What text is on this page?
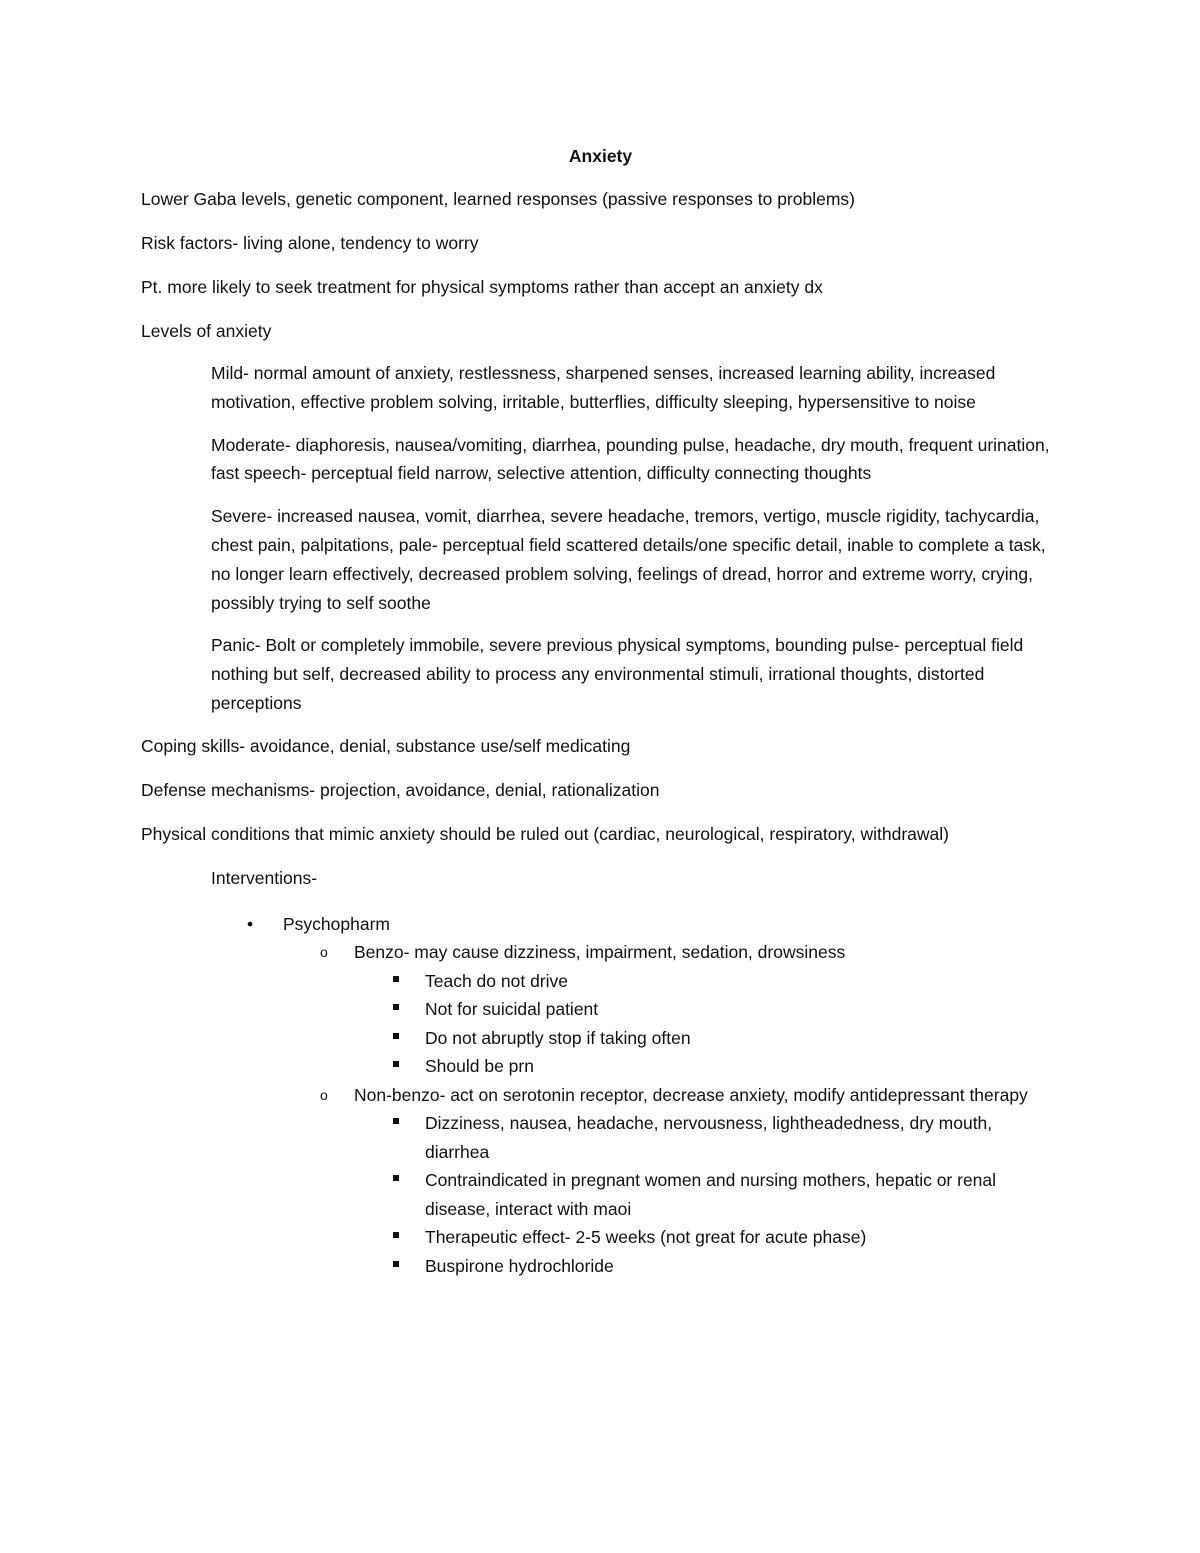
Anxiety

Lower Gaba levels, genetic component, learned responses (passive responses to problems)

Risk factors- living alone, tendency to worry

Pt. more likely to seek treatment for physical symptoms rather than accept an anxiety dx

Levels of anxiety

Mild- normal amount of anxiety, restlessness, sharpened senses, increased learning ability, increased motivation, effective problem solving, irritable, butterflies, difficulty sleeping, hypersensitive to noise

Moderate- diaphoresis, nausea/vomiting, diarrhea, pounding pulse, headache, dry mouth, frequent urination, fast speech- perceptual field narrow, selective attention, difficulty connecting thoughts

Severe- increased nausea, vomit, diarrhea, severe headache, tremors, vertigo, muscle rigidity, tachycardia, chest pain, palpitations, pale- perceptual field scattered details/one specific detail, inable to complete a task, no longer learn effectively, decreased problem solving, feelings of dread, horror and extreme worry, crying, possibly trying to self soothe

Panic- Bolt or completely immobile, severe previous physical symptoms, bounding pulse- perceptual field nothing but self, decreased ability to process any environmental stimuli, irrational thoughts, distorted perceptions

Coping skills- avoidance, denial, substance use/self medicating

Defense mechanisms- projection, avoidance, denial, rationalization

Physical conditions that mimic anxiety should be ruled out (cardiac, neurological, respiratory, withdrawal)

Interventions-

• Psychopharm
o Benzo- may cause dizziness, impairment, sedation, drowsiness
Teach do not drive
Not for suicidal patient
Do not abruptly stop if taking often
Should be prn
o Non-benzo- act on serotonin receptor, decrease anxiety, modify antidepressant therapy
Dizziness, nausea, headache, nervousness, lightheadedness, dry mouth, diarrhea
Contraindicated in pregnant women and nursing mothers, hepatic or renal disease, interact with maoi
Therapeutic effect- 2-5 weeks (not great for acute phase)
Buspirone hydrochloride
